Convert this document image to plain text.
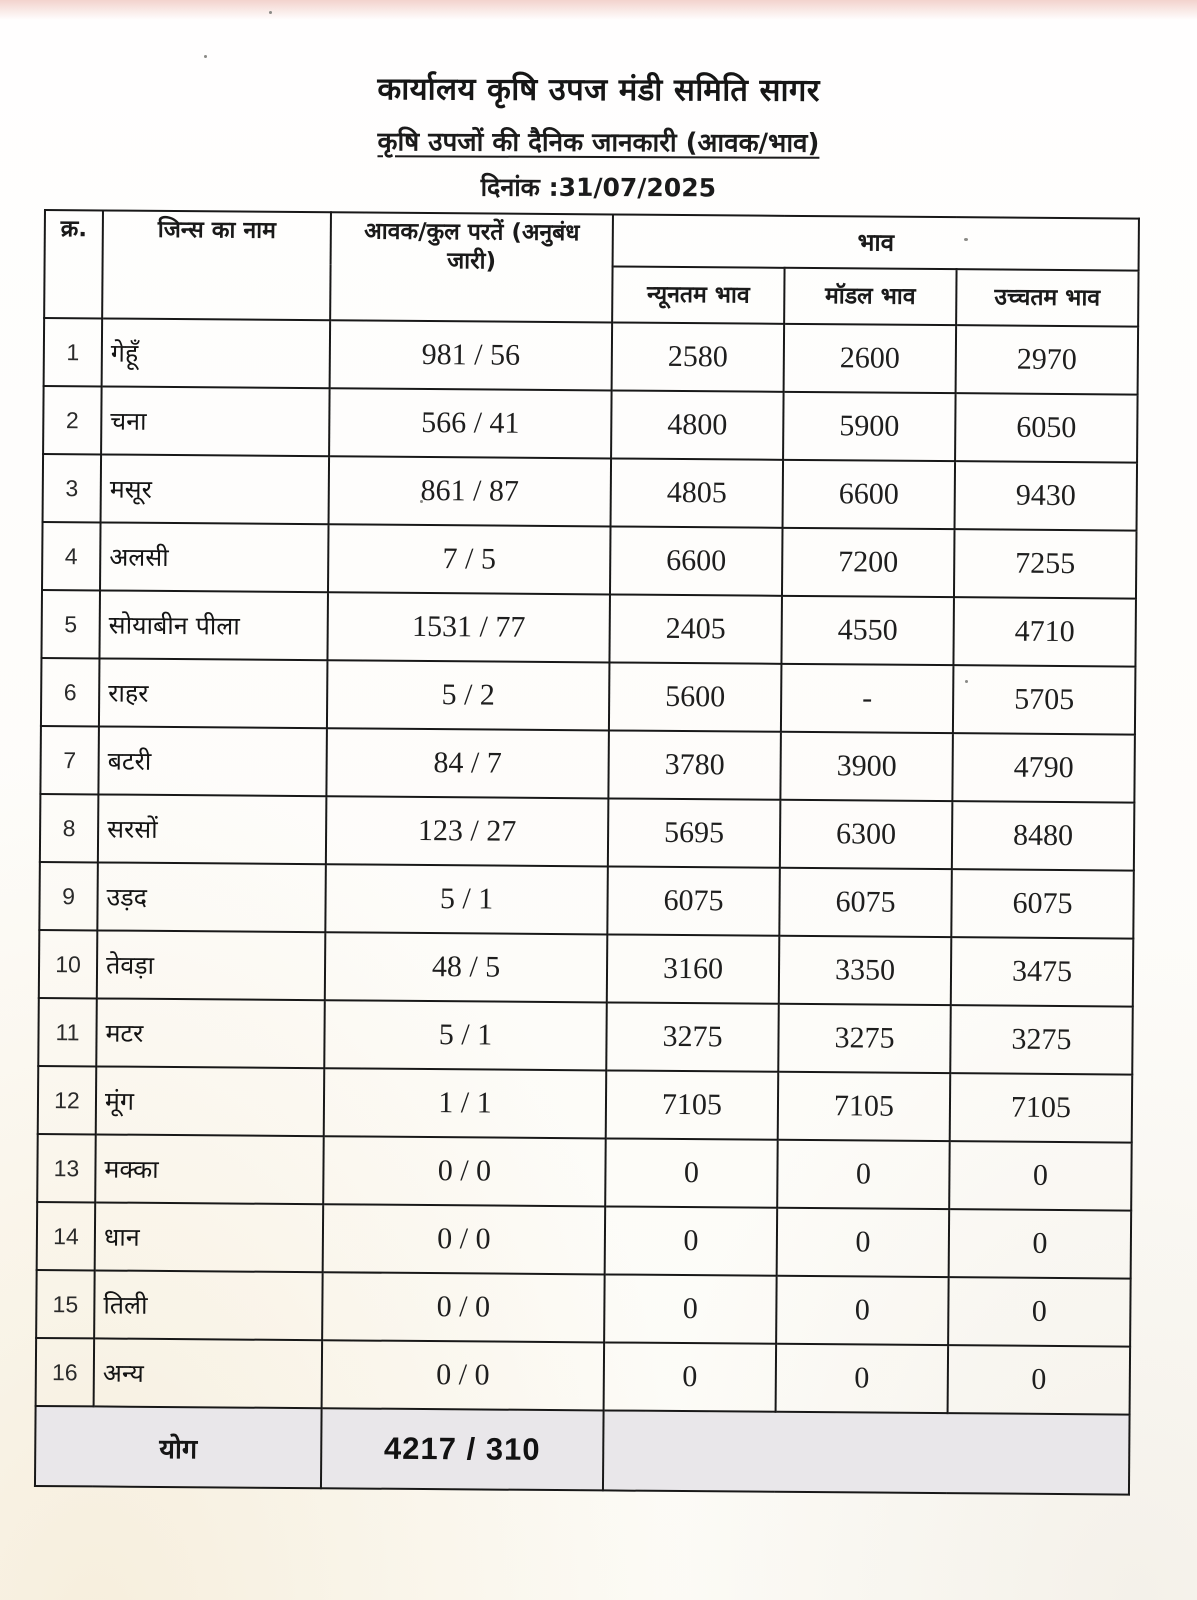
कार्यालय कृषि उपज मंडी समिति सागर
कृषि उपजों की दैनिक जानकारी (आवक/भाव)
दिनांक :31/07/2025
क्र.	जिन्स का नाम	आवक/कुल परतें (अनुबंध जारी)	भाव		
			न्यूनतम भाव	मॉडल भाव	उच्चतम भाव
1	गेहूँ	981 / 56	2580	2600	2970
2	चना	566 / 41	4800	5900	6050
3	मसूर	861 / 87	4805	6600	9430
4	अलसी	7 / 5	6600	7200	7255
5	सोयाबीन पीला	1531 / 77	2405	4550	4710
6	राहर	5 / 2	5600	-	5705
7	बटरी	84 / 7	3780	3900	4790
8	सरसों	123 / 27	5695	6300	8480
9	उड़द	5 / 1	6075	6075	6075
10	तेवड़ा	48 / 5	3160	3350	3475
11	मटर	5 / 1	3275	3275	3275
12	मूंग	1 / 1	7105	7105	7105
13	मक्का	0 / 0	0	0	0
14	धान	0 / 0	0	0	0
15	तिली	0 / 0	0	0	0
16	अन्य	0 / 0	0	0	0
योग		4217 / 310			
